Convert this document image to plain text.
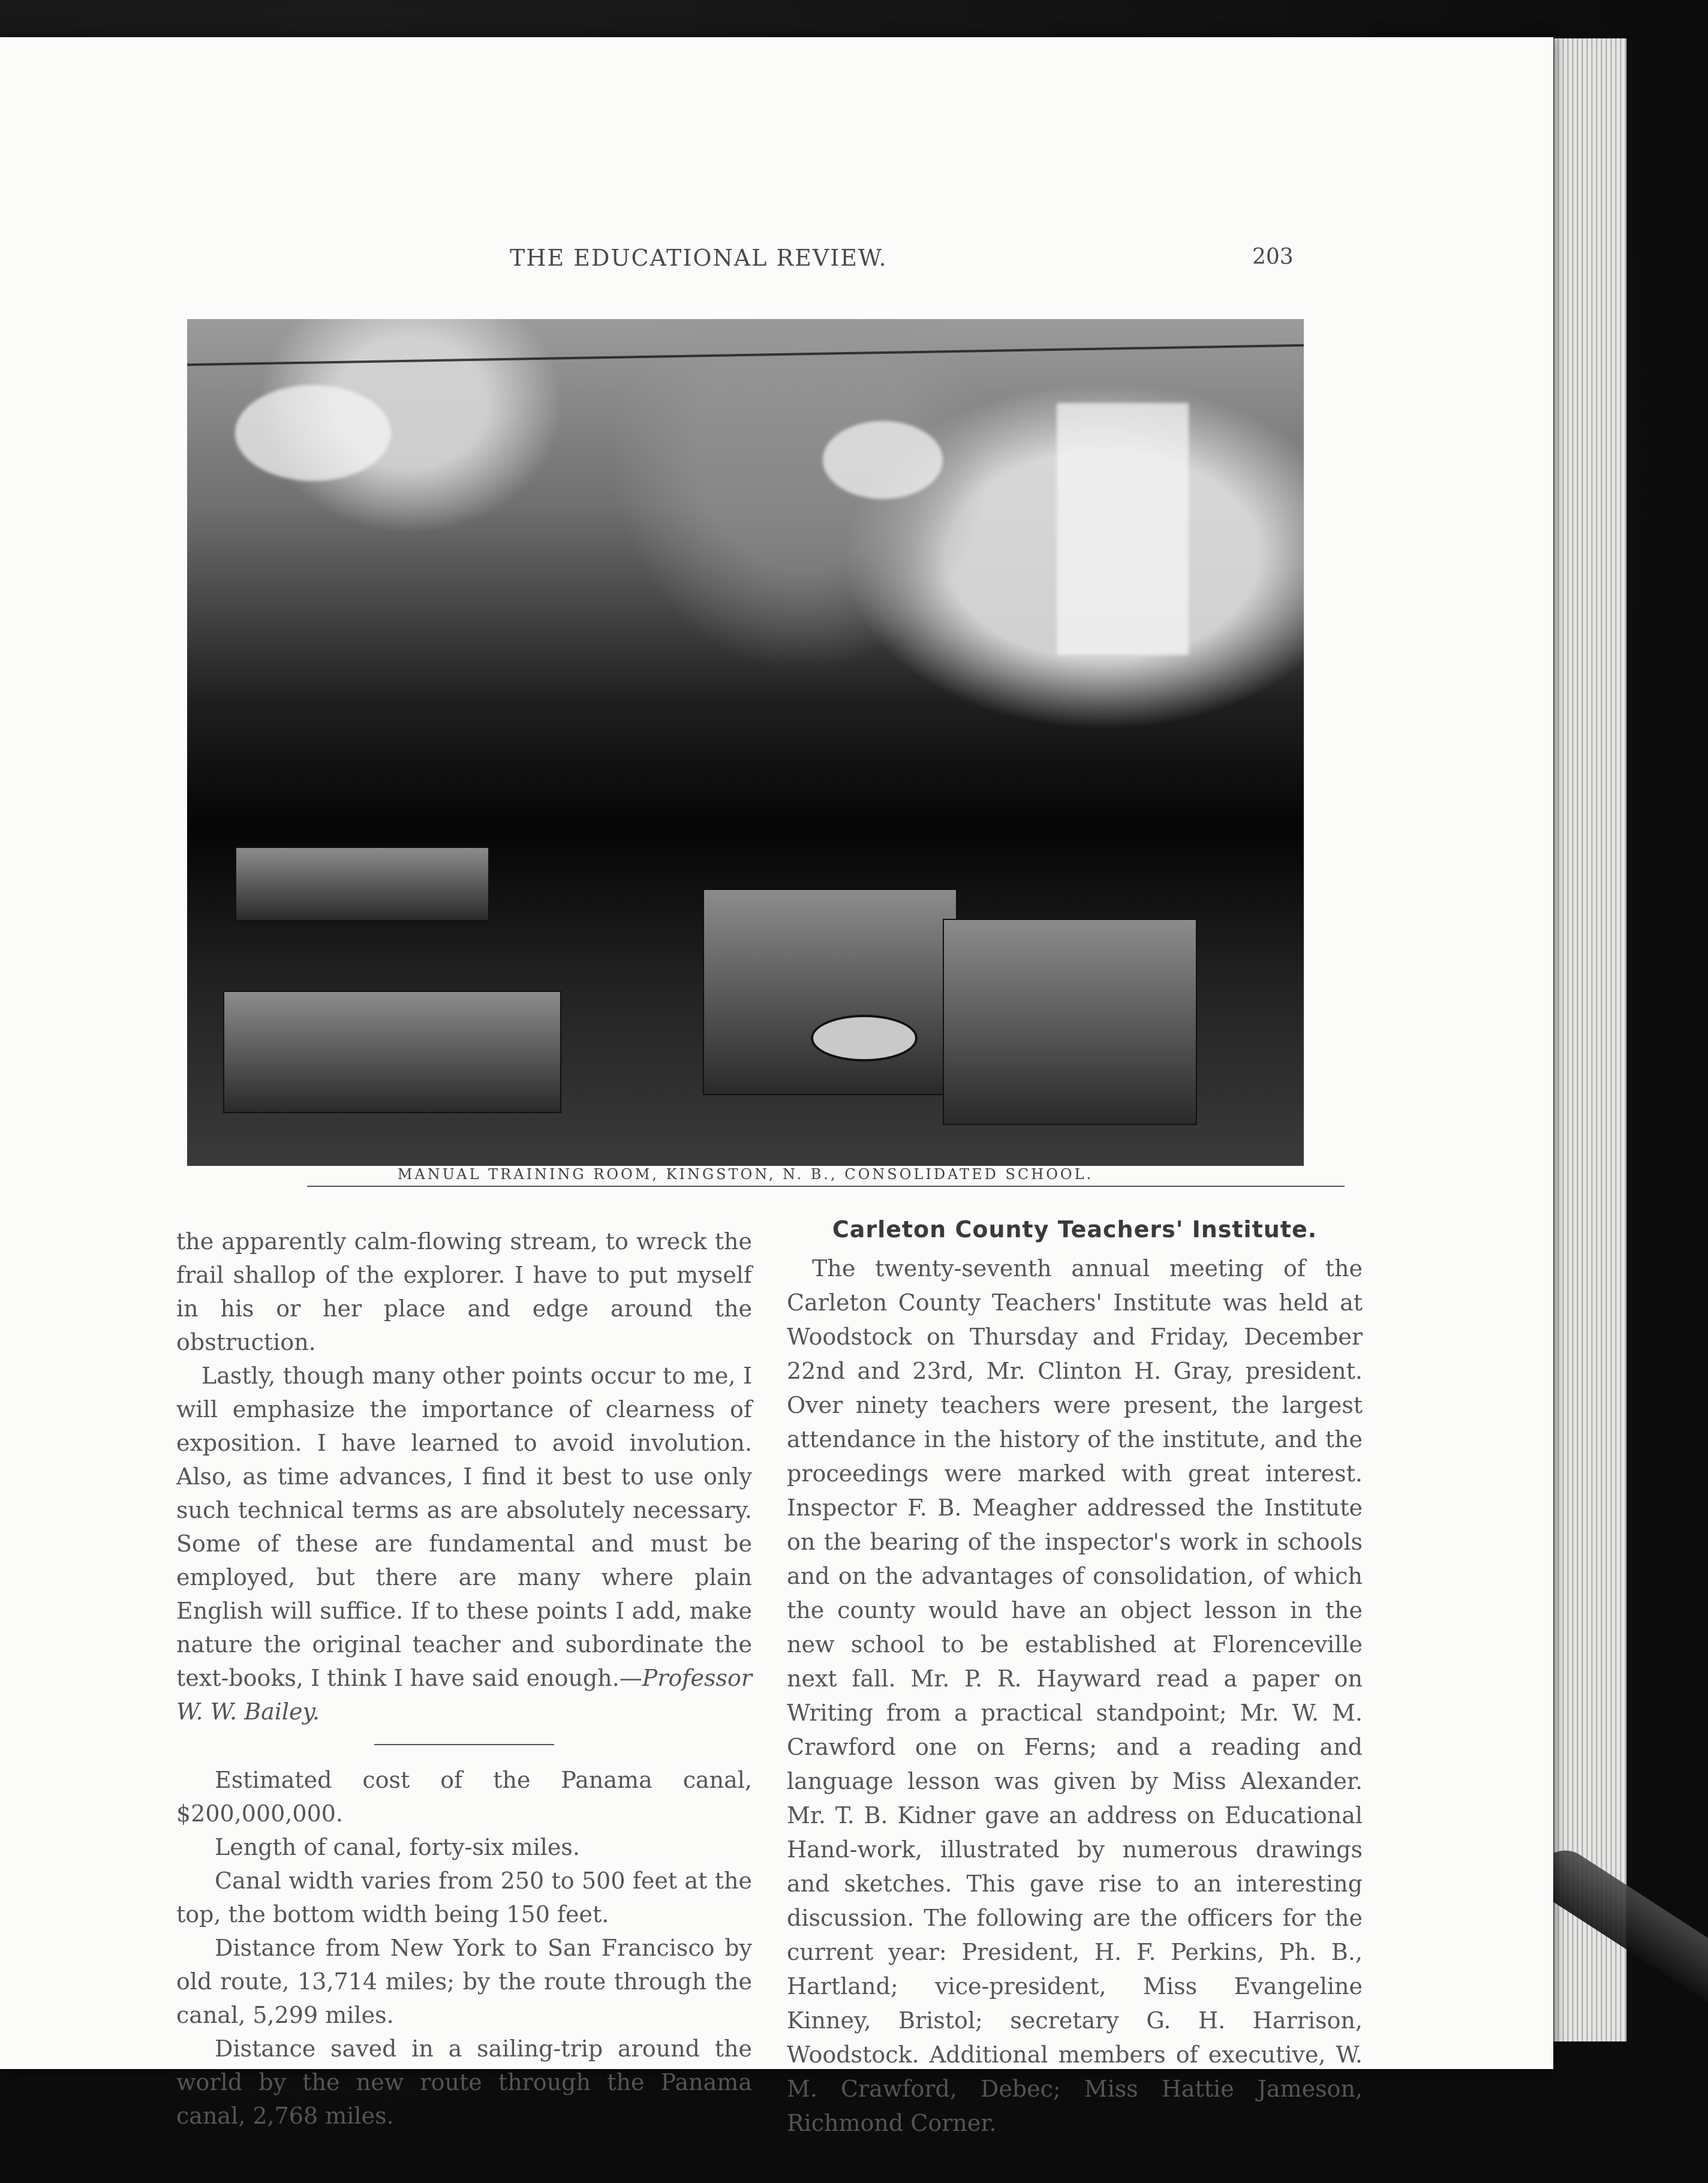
THE EDUCATIONAL REVIEW.	203
MANUAL TRAINING ROOM, KINGSTON, N. B., CONSOLIDATED SCHOOL.

the apparently calm-flowing stream, to wreck the frail shallop of the explorer. I have to put myself in his or her place and edge around the obstruction.

Lastly, though many other points occur to me, I will emphasize the importance of clearness of exposition. I have learned to avoid involution. Also, as time advances, I find it best to use only such technical terms as are absolutely necessary. Some of these are fundamental and must be employed, but there are many where plain English will suffice. If to these points I add, make nature the original teacher and subordinate the text-books, I think I have said enough.—Professor W. W. Bailey.

Estimated cost of the Panama canal, $200,000,000.

Length of canal, forty-six miles.

Canal width varies from 250 to 500 feet at the top, the bottom width being 150 feet.

Distance from New York to San Francisco by old route, 13,714 miles; by the route through the canal, 5,299 miles.

Distance saved in a sailing-trip around the world by the new route through the Panama canal, 2,768 miles.

Carleton County Teachers' Institute.

The twenty-seventh annual meeting of the Carleton County Teachers' Institute was held at Woodstock on Thursday and Friday, December 22nd and 23rd, Mr. Clinton H. Gray, president. Over ninety teachers were present, the largest attendance in the history of the institute, and the proceedings were marked with great interest. Inspector F. B. Meagher addressed the Institute on the bearing of the inspector's work in schools and on the advantages of consolidation, of which the county would have an object lesson in the new school to be established at Florenceville next fall. Mr. P. R. Hayward read a paper on Writing from a practical standpoint; Mr. W. M. Crawford one on Ferns; and a reading and language lesson was given by Miss Alexander. Mr. T. B. Kidner gave an address on Educational Hand-work, illustrated by numerous drawings and sketches. This gave rise to an interesting discussion. The following are the officers for the current year: President, H. F. Perkins, Ph. B., Hartland; vice-president, Miss Evangeline Kinney, Bristol; secretary G. H. Harrison, Woodstock. Additional members of executive, W. M. Crawford, Debec; Miss Hattie Jameson, Richmond Corner.
